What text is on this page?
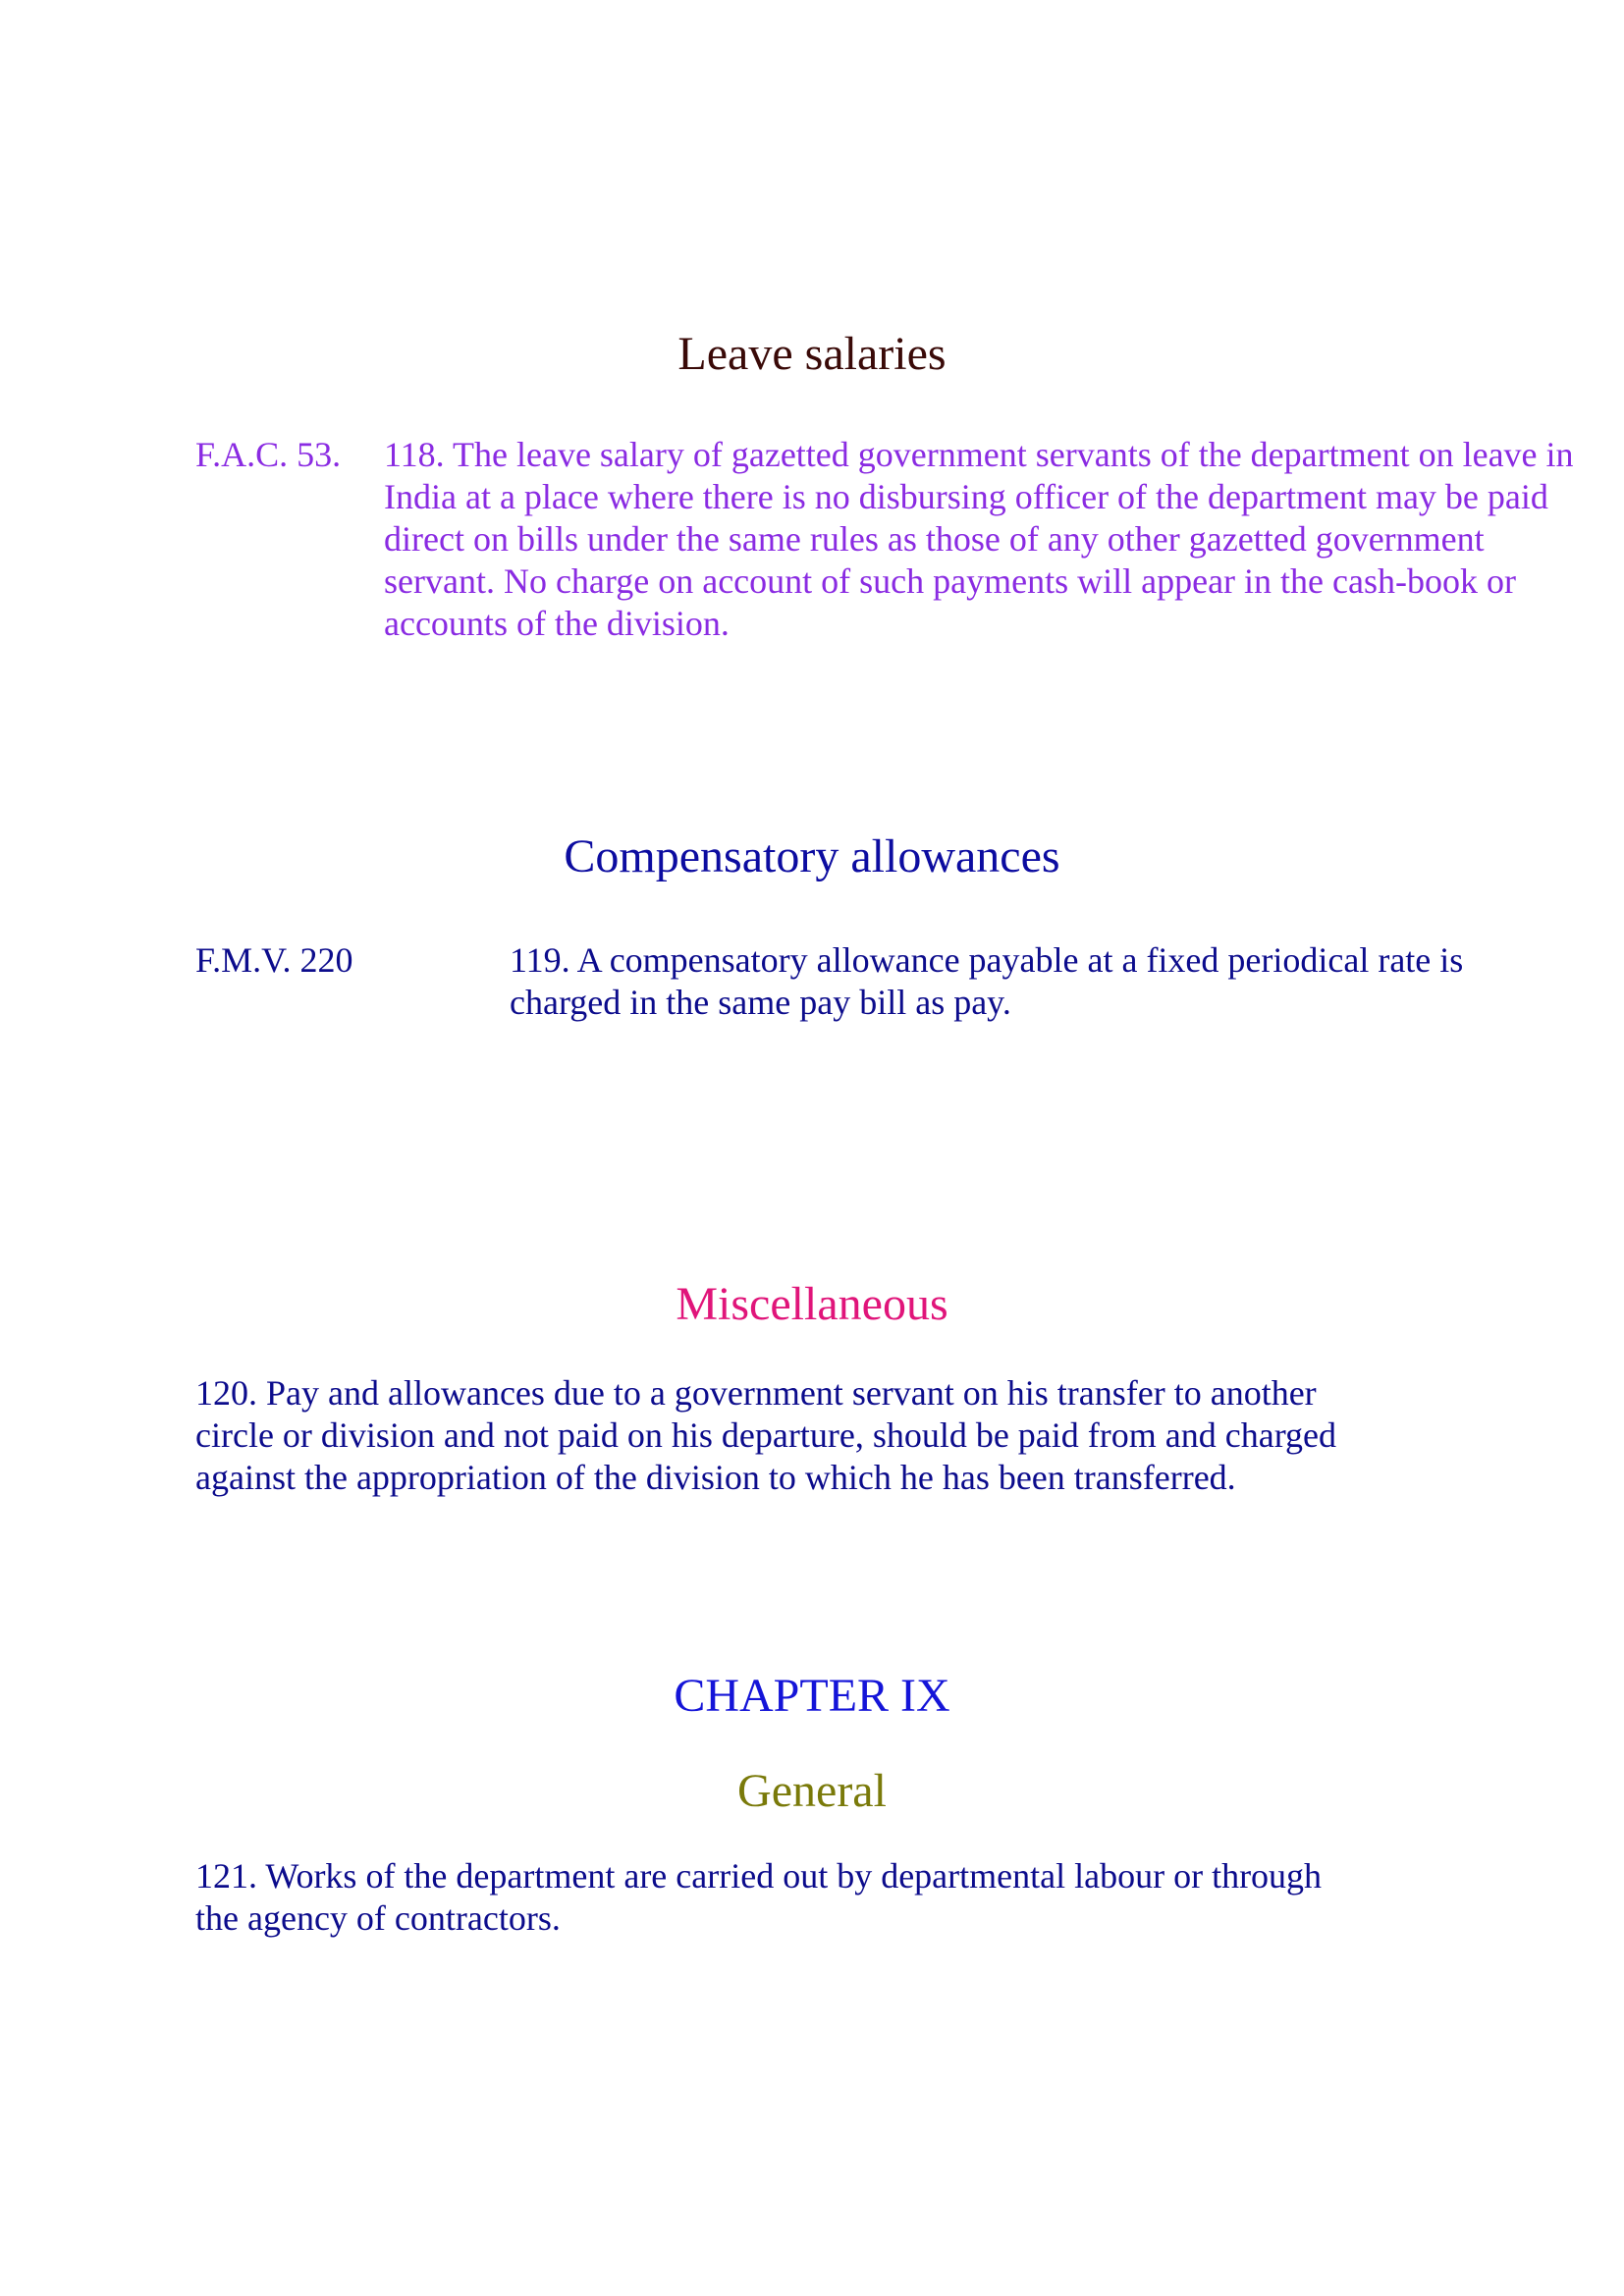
Leave salaries
F.A.C. 53. 118. The leave salary of gazetted government servants of the department on leave in
India at a place where there is no disbursing officer of the department may be paid
direct on bills under the same rules as those of any other gazetted government
servant. No charge on account of such payments will appear in the cash-book or
accounts of the division.
Compensatory allowances
F.M.V. 220	119. A compensatory allowance payable at a fixed periodical rate is
charged in the same pay bill as pay.
Miscellaneous
120. Pay and allowances due to a government servant on his transfer to another
circle or division and not paid on his departure, should be paid from and charged
against the appropriation of the division to which he has been transferred.
CHAPTER IX
General
121. Works of the department are carried out by departmental labour or through
the agency of contractors.
